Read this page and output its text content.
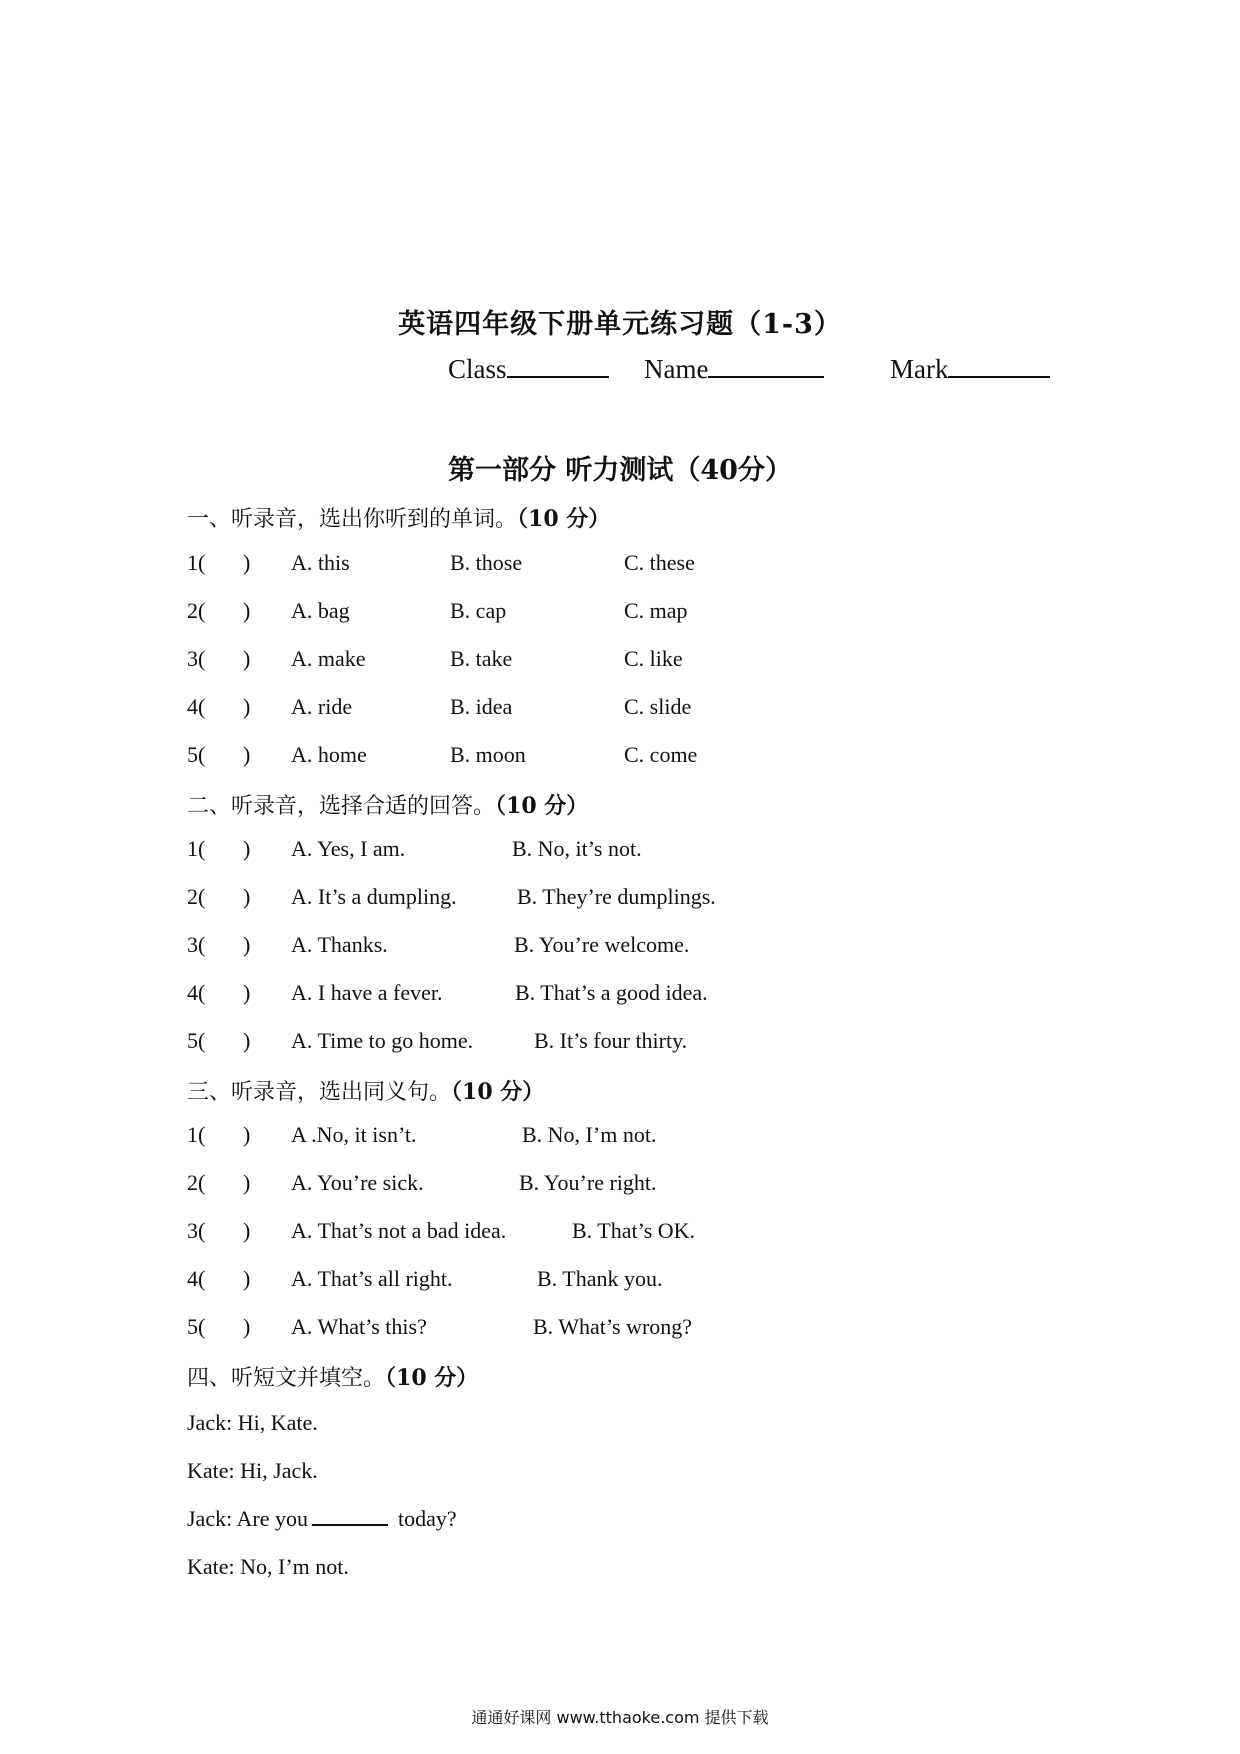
英语四年级下册单元练习题（1-3）
Class	Name	Mark
第一部分 听力测试（40分）
一、听录音，选出你听到的单词。（10 分）
1( ) A. this	B. those	C. these
2( ) A. bag	B. cap	C. map
3( ) A. make	B. take	C. like
4( ) A. ride	B. idea	C. slide
5( ) A. home	B. moon	C. come
二、听录音，选择合适的回答。（10 分）
1( ) A. Yes, I am.	B. No, it’s not.
2( ) A. It’s a dumpling.	B. They’re dumplings.
3( ) A. Thanks.	B. You’re welcome.
4( ) A. I have a fever.	B. That’s a good idea.
5( ) A. Time to go home.	B. It’s four thirty.
三、听录音，选出同义句。（10 分）
1( ) A .No, it isn’t.	B. No, I’m not.
2( ) A. You’re sick.	B. You’re right.
3( ) A. That’s not a bad idea.	B. That’s OK.
4( ) A. That’s all right.	B. Thank you.
5( ) A. What’s this?	B. What’s wrong?
四、听短文并填空。（10 分）
Jack: Hi, Kate.
Kate: Hi, Jack.
Jack: Are you	today?
Kate: No, I’m not.
通通好课网 www.tthaoke.com 提供下载
